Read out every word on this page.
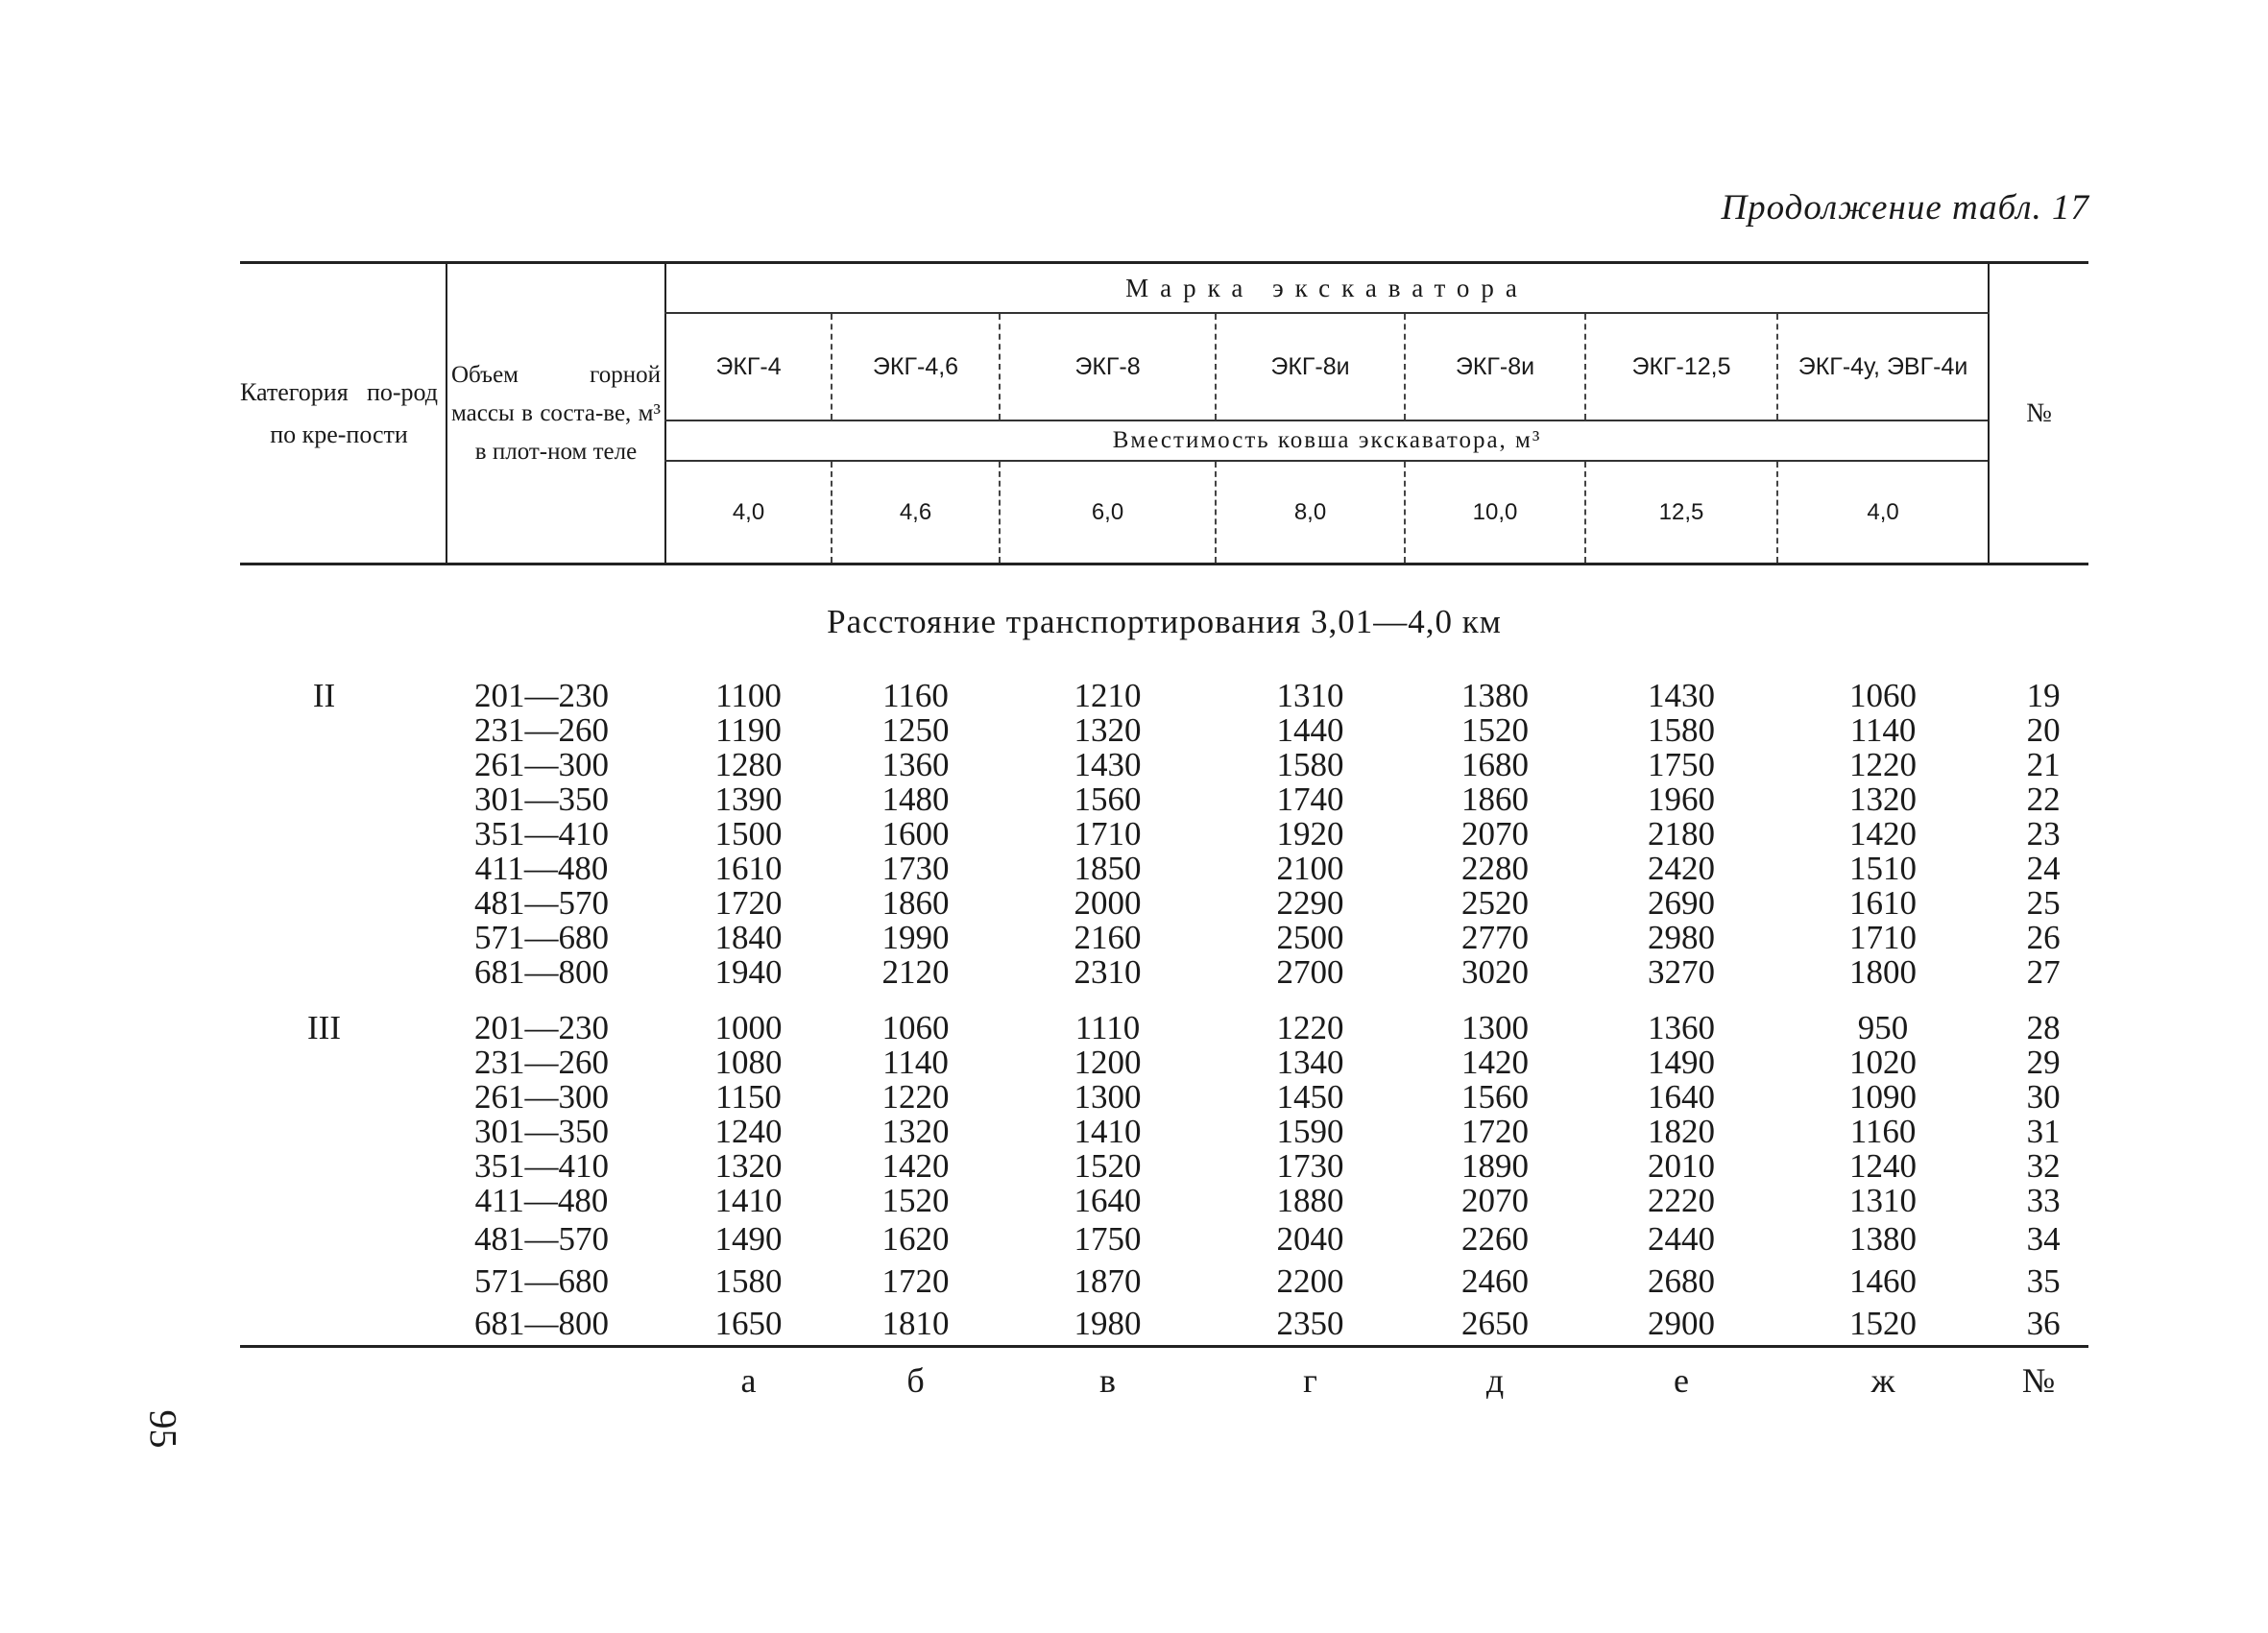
95
Продолжение табл. 17
Категория по-род по кре-пости	Объем горной массы в соста-ве, м³ в плот-ном теле	Марка экскаватора							№
		ЭКГ-4	ЭКГ-4,6	ЭКГ-8	ЭКГ-8и	ЭКГ-8и	ЭКГ-12,5	ЭКГ-4у, ЭВГ-4и	
		Вместимость ковша экскаватора, м³							
		4,0	4,6	6,0	8,0	10,0	12,5	4,0	
Расстояние транспортирования 3,01—4,0 км									
II	201—230	1100	1160	1210	1310	1380	1430	1060	19
	231—260	1190	1250	1320	1440	1520	1580	1140	20
	261—300	1280	1360	1430	1580	1680	1750	1220	21
	301—350	1390	1480	1560	1740	1860	1960	1320	22
	351—410	1500	1600	1710	1920	2070	2180	1420	23
	411—480	1610	1730	1850	2100	2280	2420	1510	24
	481—570	1720	1860	2000	2290	2520	2690	1610	25
	571—680	1840	1990	2160	2500	2770	2980	1710	26
	681—800	1940	2120	2310	2700	3020	3270	1800	27

III	201—230	1000	1060	1110	1220	1300	1360	950	28
	231—260	1080	1140	1200	1340	1420	1490	1020	29
	261—300	1150	1220	1300	1450	1560	1640	1090	30
	301—350	1240	1320	1410	1590	1720	1820	1160	31
	351—410	1320	1420	1520	1730	1890	2010	1240	32
	411—480	1410	1520	1640	1880	2070	2220	1310	33
	481—570	1490	1620	1750	2040	2260	2440	1380	34
	571—680	1580	1720	1870	2200	2460	2680	1460	35
	681—800	1650	1810	1980	2350	2650	2900	1520	36
		а	б	в	г	д	е	ж	№
